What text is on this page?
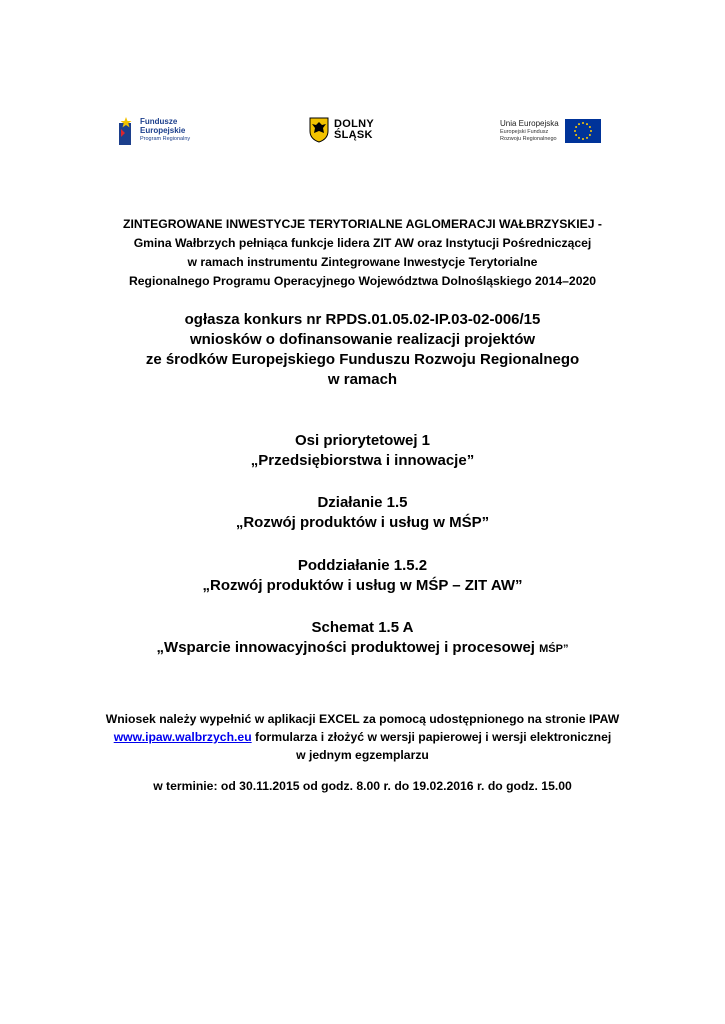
Fundusze
Europejskie
Program Regionalny
DOLNY
ŚLĄSK
Unia Europejska
Europejski Fundusz
Rozwoju Regionalnego
ZINTEGROWANE INWESTYCJE TERYTORIALNE AGLOMERACJI WAŁBRZYSKIEJ -
Gmina Wałbrzych pełniąca funkcje lidera ZIT AW oraz Instytucji Pośredniczącej
w ramach instrumentu Zintegrowane Inwestycje Terytorialne
Regionalnego Programu Operacyjnego Województwa Dolnośląskiego 2014–2020
ogłasza konkurs nr RPDS.01.05.02-IP.03-02-006/15
wniosków o dofinansowanie realizacji projektów
ze środków Europejskiego Funduszu Rozwoju Regionalnego
w ramach
Osi priorytetowej 1
„Przedsiębiorstwa i innowacje”
Działanie 1.5
„Rozwój produktów i usług w MŚP”
Poddziałanie 1.5.2
„Rozwój produktów i usług w MŚP – ZIT AW”
Schemat 1.5 A
„Wsparcie innowacyjności produktowej i procesowej MŚP”
Wniosek należy wypełnić w aplikacji EXCEL za pomocą udostępnionego na stronie IPAW
www.ipaw.walbrzych.eu formularza i złożyć w wersji papierowej i wersji elektronicznej
w jednym egzemplarzu
w terminie: od 30.11.2015 od godz. 8.00 r. do 19.02.2016 r. do godz. 15.00
